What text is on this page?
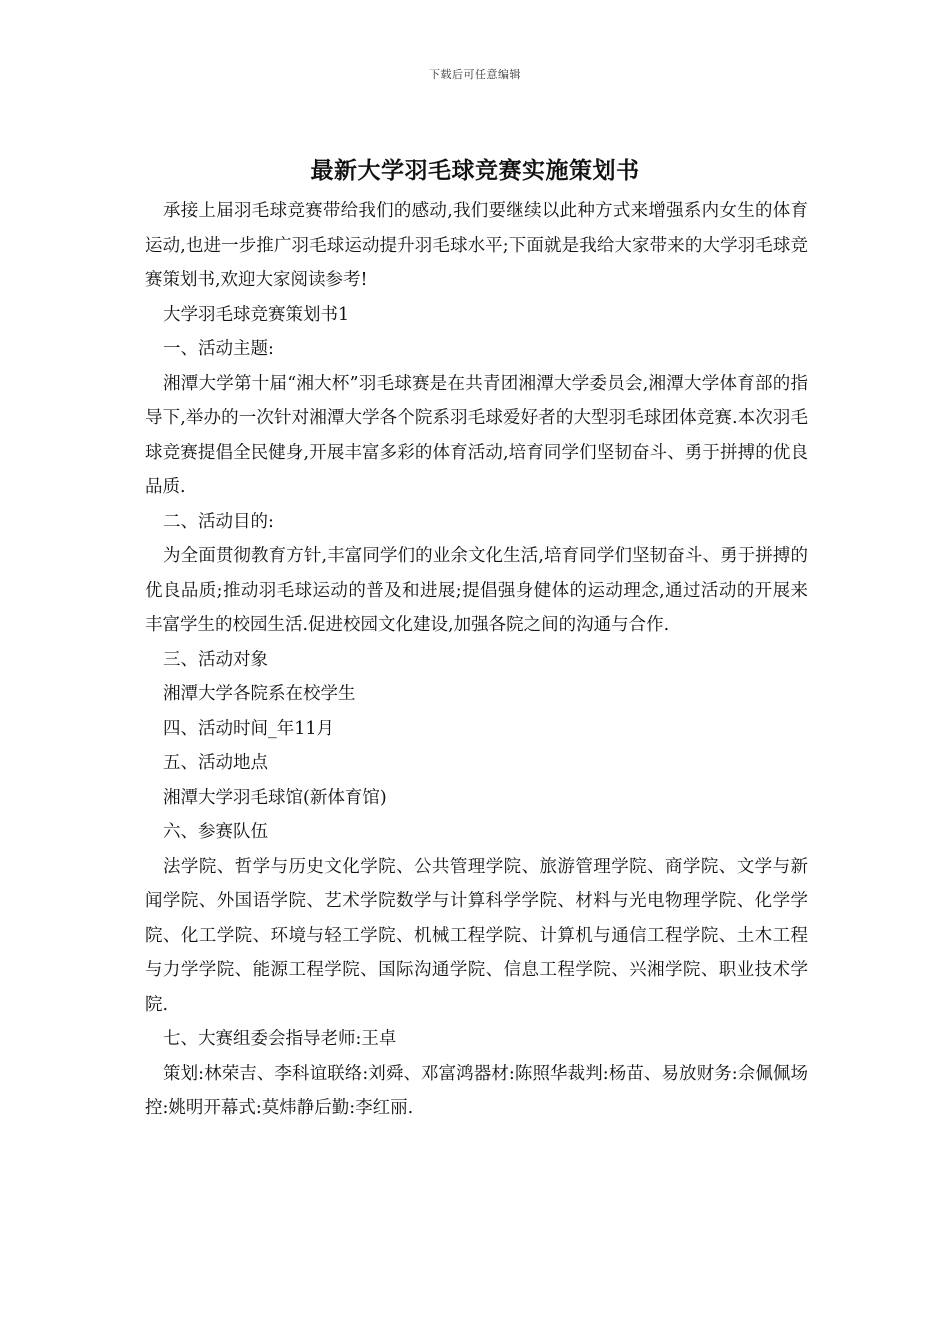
下载后可任意编辑
最新大学羽毛球竞赛实施策划书

承接上届羽毛球竞赛带给我们的感动,我们要继续以此种方式来增强系内女生的体育运动,也进一步推广羽毛球运动提升羽毛球水平;下面就是我给大家带来的大学羽毛球竞赛策划书,欢迎大家阅读参考!

大学羽毛球竞赛策划书1

一、活动主题:

湘潭大学第十届“湘大杯”羽毛球赛是在共青团湘潭大学委员会,湘潭大学体育部的指导下,举办的一次针对湘潭大学各个院系羽毛球爱好者的大型羽毛球团体竞赛.本次羽毛球竞赛提倡全民健身,开展丰富多彩的体育活动,培育同学们坚韧奋斗、勇于拼搏的优良品质.

二、活动目的:

为全面贯彻教育方针,丰富同学们的业余文化生活,培育同学们坚韧奋斗、勇于拼搏的优良品质;推动羽毛球运动的普及和进展;提倡强身健体的运动理念,通过活动的开展来丰富学生的校园生活.促进校园文化建设,加强各院之间的沟通与合作.

三、活动对象

湘潭大学各院系在校学生

四、活动时间_年11月

五、活动地点

湘潭大学羽毛球馆(新体育馆)

六、参赛队伍

法学院、哲学与历史文化学院、公共管理学院、旅游管理学院、商学院、文学与新闻学院、外国语学院、艺术学院数学与计算科学学院、材料与光电物理学院、化学学院、化工学院、环境与轻工学院、机械工程学院、计算机与通信工程学院、土木工程与力学学院、能源工程学院、国际沟通学院、信息工程学院、兴湘学院、职业技术学院.

七、大赛组委会指导老师:王卓

策划:林荣吉、李科谊联络:刘舜、邓富鸿器材:陈照华裁判:杨苗、易放财务:佘佩佩场控:姚明开幕式:莫炜静后勤:李红丽.
